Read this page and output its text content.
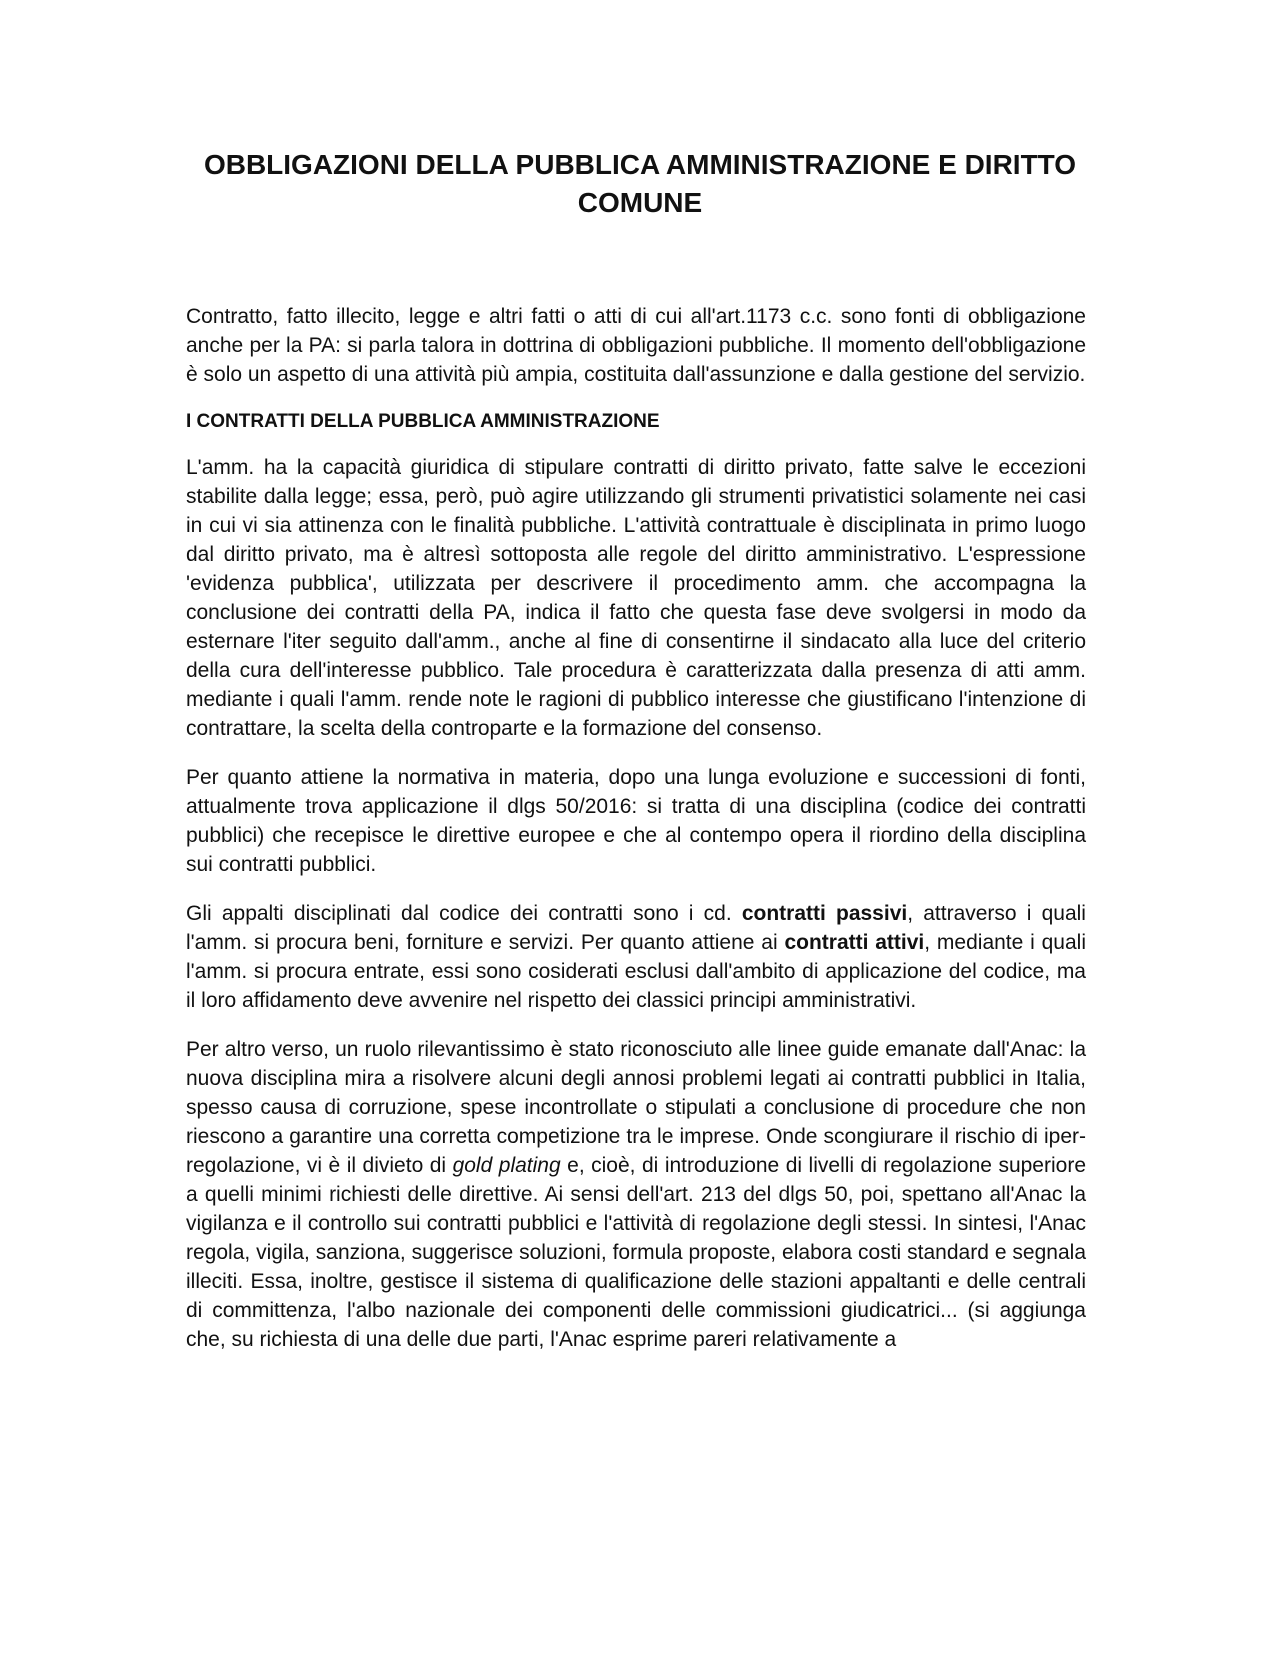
OBBLIGAZIONI DELLA PUBBLICA AMMINISTRAZIONE E DIRITTO COMUNE

Contratto, fatto illecito, legge e altri fatti o atti di cui all'art.1173 c.c. sono fonti di obbligazione anche per la PA: si parla talora in dottrina di obbligazioni pubbliche. Il momento dell'obbligazione è solo un aspetto di una attività più ampia, costituita dall'assunzione e dalla gestione del servizio.

I CONTRATTI DELLA PUBBLICA AMMINISTRAZIONE

L'amm. ha la capacità giuridica di stipulare contratti di diritto privato, fatte salve le eccezioni stabilite dalla legge; essa, però, può agire utilizzando gli strumenti privatistici solamente nei casi in cui vi sia attinenza con le finalità pubbliche. L'attività contrattuale è disciplinata in primo luogo dal diritto privato, ma è altresì sottoposta alle regole del diritto amministrativo. L'espressione 'evidenza pubblica', utilizzata per descrivere il procedimento amm. che accompagna la conclusione dei contratti della PA, indica il fatto che questa fase deve svolgersi in modo da esternare l'iter seguito dall'amm., anche al fine di consentirne il sindacato alla luce del criterio della cura dell'interesse pubblico. Tale procedura è caratterizzata dalla presenza di atti amm. mediante i quali l'amm. rende note le ragioni di pubblico interesse che giustificano l'intenzione di contrattare, la scelta della controparte e la formazione del consenso.

Per quanto attiene la normativa in materia, dopo una lunga evoluzione e successioni di fonti, attualmente trova applicazione il dlgs 50/2016: si tratta di una disciplina (codice dei contratti pubblici) che recepisce le direttive europee e che al contempo opera il riordino della disciplina sui contratti pubblici.

Gli appalti disciplinati dal codice dei contratti sono i cd. contratti passivi, attraverso i quali l'amm. si procura beni, forniture e servizi. Per quanto attiene ai contratti attivi, mediante i quali l'amm. si procura entrate, essi sono cosiderati esclusi dall'ambito di applicazione del codice, ma il loro affidamento deve avvenire nel rispetto dei classici principi amministrativi.

Per altro verso, un ruolo rilevantissimo è stato riconosciuto alle linee guide emanate dall'Anac: la nuova disciplina mira a risolvere alcuni degli annosi problemi legati ai contratti pubblici in Italia, spesso causa di corruzione, spese incontrollate o stipulati a conclusione di procedure che non riescono a garantire una corretta competizione tra le imprese. Onde scongiurare il rischio di iper-regolazione, vi è il divieto di gold plating e, cioè, di introduzione di livelli di regolazione superiore a quelli minimi richiesti delle direttive. Ai sensi dell'art. 213 del dlgs 50, poi, spettano all'Anac la vigilanza e il controllo sui contratti pubblici e l'attività di regolazione degli stessi. In sintesi, l'Anac regola, vigila, sanziona, suggerisce soluzioni, formula proposte, elabora costi standard e segnala illeciti. Essa, inoltre, gestisce il sistema di qualificazione delle stazioni appaltanti e delle centrali di committenza, l'albo nazionale dei componenti delle commissioni giudicatrici... (si aggiunga che, su richiesta di una delle due parti, l'Anac esprime pareri relativamente a
